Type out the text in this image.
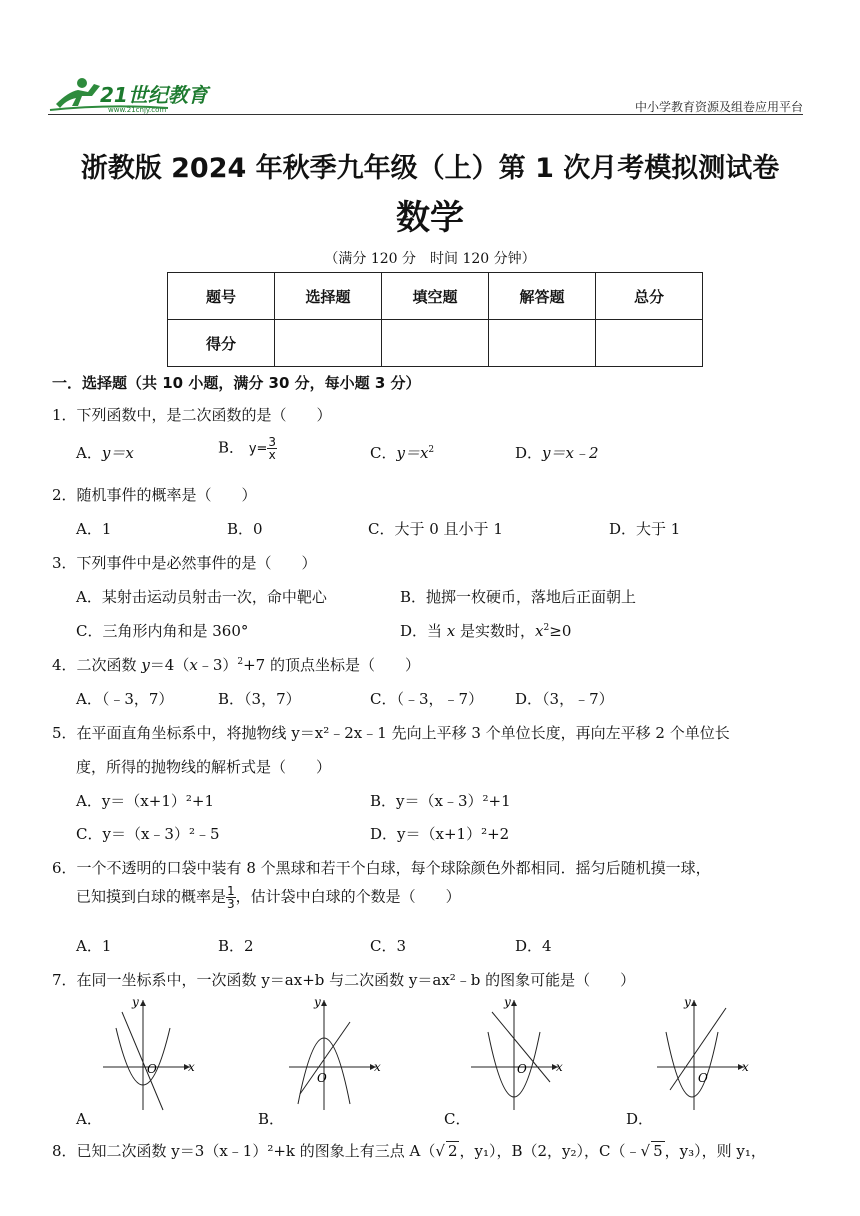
21世纪教育
www.21cnjy.com	中小学教育资源及组卷应用平台
浙教版 2024 年秋季九年级（上）第 1 次月考模拟测试卷
数学
（满分 120 分　时间 120 分钟）
题号	选择题	填空题	解答题	总分
得分				
一．选择题（共 10 小题，满分 30 分，每小题 3 分）
1．下列函数中，是二次函数的是（　　）
A．y＝x	B． $y= \frac{3}{x}$	C．$y=x^2$	D．y＝x﹣2
2．随机事件的概率是（　　）
A．1	B．0	C．大于 0 且小于 1	D．大于 1
3．下列事件中是必然事件的是（　　）
A．某射击运动员射击一次，命中靶心	B．抛掷一枚硬币，落地后正面朝上
C．三角形内角和是 360°	D．当 x 是实数时，$x^2\ge 0$
4．二次函数 y＝4（x﹣3）$^2$+7 的顶点坐标是（　　）
A．（﹣3，7）	B．（3，7）	C．（﹣3，﹣7） D．（3，﹣7）
5．在平面直角坐标系中，将抛物线 y＝x²﹣2x﹣1 先向上平移 3 个单位长度，再向左平移 2 个单位长
度，所得的抛物线的解析式是（　　）
A．y＝（x+1）²+1	B．y＝（x﹣3）²+1
C．y＝（x﹣3）²﹣5	D．y＝（x+1）²+2
6．一个不透明的口袋中装有 8 个黑球和若干个白球，每个球除颜色外都相同．摇匀后随机摸一球，
已知摸到白球的概率是 $\frac{1}{3}$ ，估计袋中白球的个数是（　　）
A．1	B．2	C．3	D．4
7．在同一坐标系中，一次函数 y＝ax+b 与二次函数 y＝ax²﹣b 的图象可能是（　　）
y
x
O
A．
y
x
O
B．
y
x
O
C．
y
x
O
D．
8．已知二次函数 y＝3（x﹣1）²+k 的图象上有三点 A（√ 2 ，y₁），B（2，y₂），C（﹣√ 5 ，y₃），则 y₁，
